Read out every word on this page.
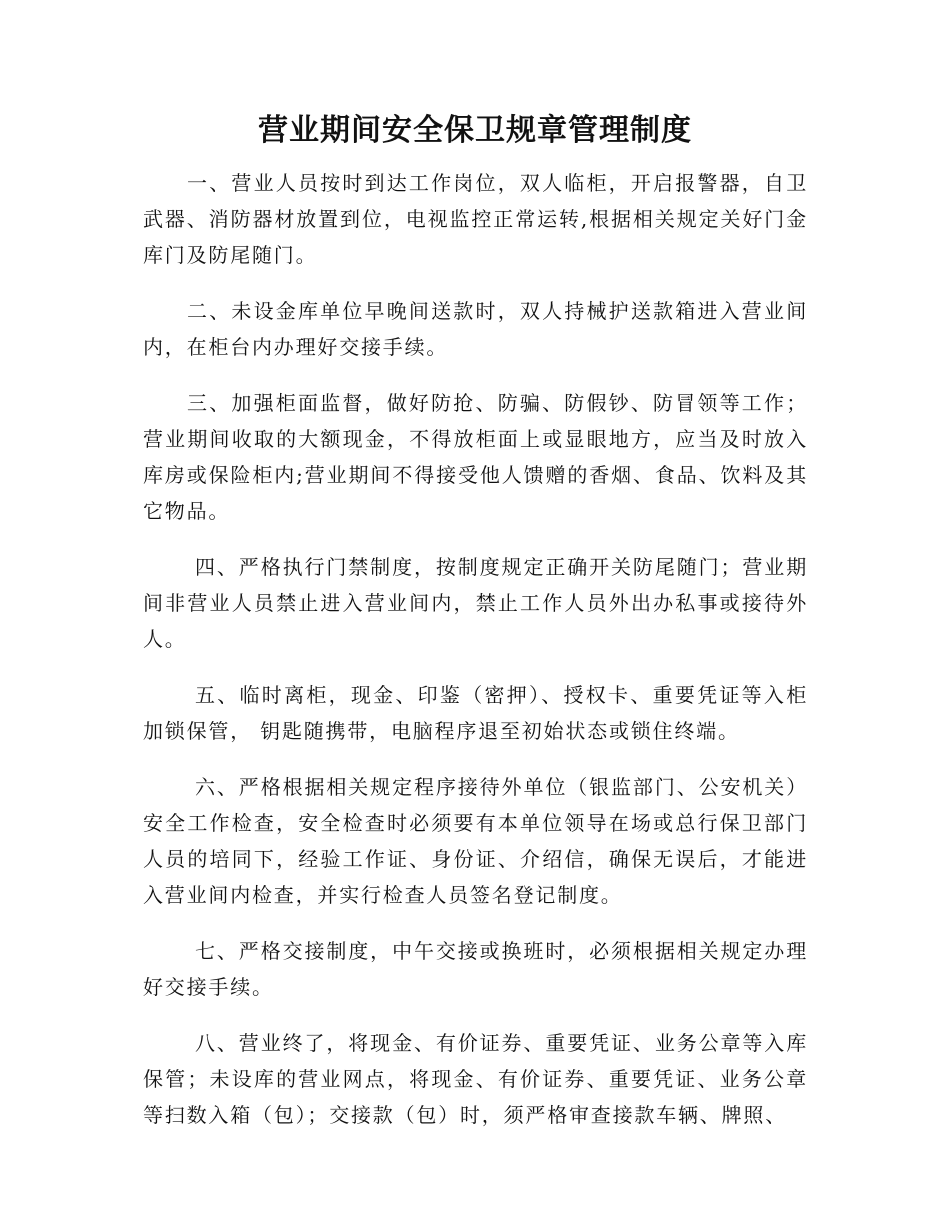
营业期间安全保卫规章管理制度

一、营业人员按时到达工作岗位，双人临柜，开启报警器，自卫武器、消防器材放置到位，电视监控正常运转,根据相关规定关好门金库门及防尾随门。

二、未设金库单位早晚间送款时，双人持械护送款箱进入营业间内，在柜台内办理好交接手续。

三、加强柜面监督，做好防抢、防骗、防假钞、防冒领等工作；营业期间收取的大额现金，不得放柜面上或显眼地方，应当及时放入库房或保险柜内;营业期间不得接受他人馈赠的香烟、食品、饮料及其它物品。

四、严格执行门禁制度，按制度规定正确开关防尾随门；营业期间非营业人员禁止进入营业间内，禁止工作人员外出办私事或接待外人。

五、临时离柜，现金、印鉴（密押）、授权卡、重要凭证等入柜加锁保管， 钥匙随携带，电脑程序退至初始状态或锁住终端。

六、严格根据相关规定程序接待外单位（银监部门、公安机关）安全工作检查，安全检查时必须要有本单位领导在场或总行保卫部门人员的培同下，经验工作证、身份证、介绍信，确保无误后，才能进入营业间内检查，并实行检查人员签名登记制度。

七、严格交接制度，中午交接或换班时，必须根据相关规定办理好交接手续。

八、营业终了，将现金、有价证券、重要凭证、业务公章等入库保管；未设库的营业网点，将现金、有价证券、重要凭证、业务公章等扫数入箱（包）；交接款（包）时，须严格审查接款车辆、牌照、
